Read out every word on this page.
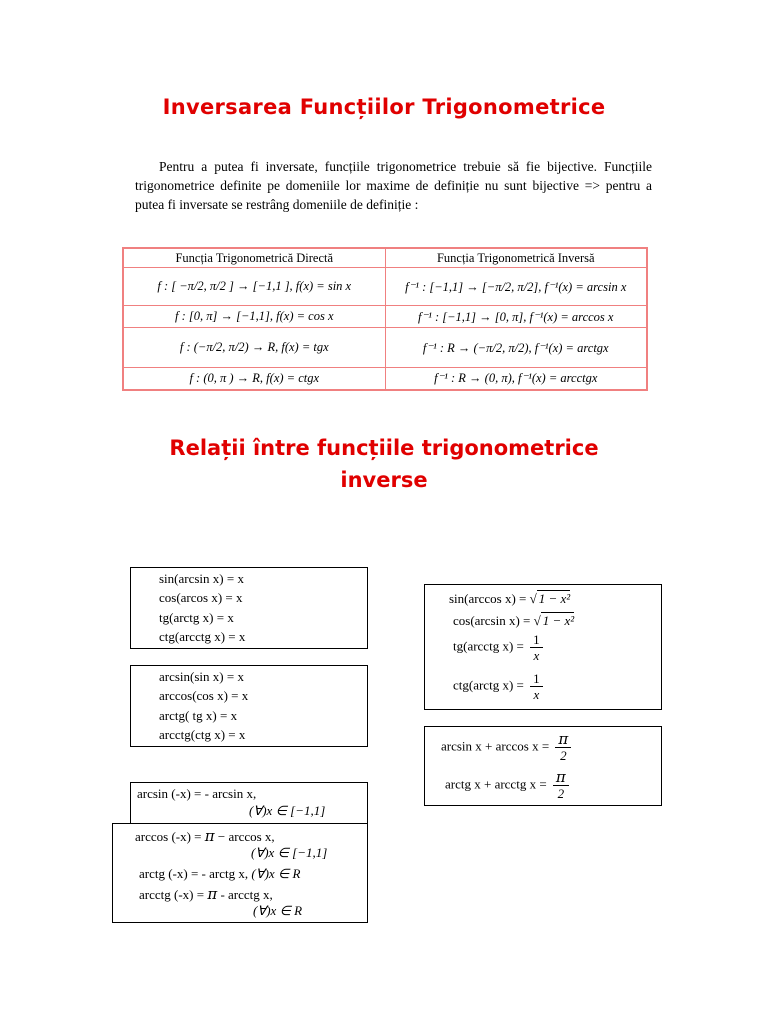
Inversarea Funcțiilor Trigonometrice
Pentru a putea fi inversate, funcțiile trigonometrice trebuie să fie bijective. Funcțiile trigonometrice definite pe domeniile lor maxime de definiție nu sunt bijective => pentru a putea fi inversate se restrâng domeniile de definiție :
Funcția Trigonometrică Directă	Funcția Trigonometrică Inversă
f : [ −π/2, π/2 ] → [−1,1 ], f(x) = sin x	f⁻¹ : [−1,1] → [−π/2, π/2], f⁻¹(x) = arcsin x
f : [0, π] → [−1,1], f(x) = cos x	f⁻¹ : [−1,1] → [0, π], f⁻¹(x) = arccos x
f : (−π/2, π/2) → R, f(x) = tgx	f⁻¹ : R → (−π/2, π/2), f⁻¹(x) = arctgx
f : (0, π ) → R, f(x) = ctgx	f⁻¹ : R → (0, π), f⁻¹(x) = arcctgx
Relații între funcțiile trigonometrice
inverse
sin(arcsin x) = x
cos(arcos x) = x
tg(arctg x) = x
ctg(arcctg x) = x
arcsin(sin x) = x
arccos(cos x) = x
arctg( tg x) = x
arcctg(ctg x) = x
sin(arccos x) = √ 1 − x²
cos(arcsin x) = √ 1 − x²
tg(arcctg $x) = \frac{1}{x}$
ctg(arctg $x) = \frac{1}{x}$
$\arcsin x + \arccos x = \frac{\pi}{2}$
arctg x + arcctg $x = \frac{\pi}{2}$
arcsin (-x) = - arcsin x,
(∀)x ∈ [−1,1]
arccos (-x) = π − arccos x,
(∀)x ∈ [−1,1]
arctg (-x) = - arctg x, (∀)x ∈ R
arcctg (-x) = π - arcctg x,
(∀)x ∈ R
